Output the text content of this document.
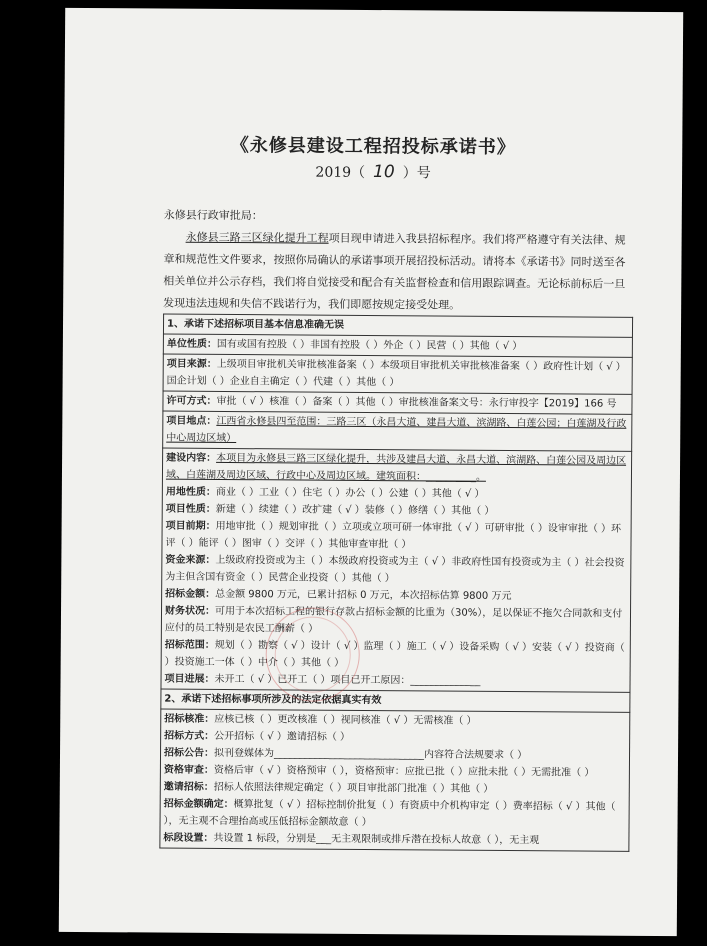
《永修县建设工程招投标承诺书》
2019（ 10 ）号
永修县行政审批局：
永修县三路三区绿化提升工程项目现申请进入我县招标程序。我们将严格遵守有关法律、规章和规范性文件要求，按照你局确认的承诺事项开展招投标活动。请将本《承诺书》同时送至各相关单位并公示存档，我们将自觉接受和配合有关监督检查和信用跟踪调查。无论标前标后一旦发现违法违规和失信不践诺行为，我们即愿按规定接受处理。
1、承诺下述招标项目基本信息准确无误
单位性质：国有或国有控股（ ）非国有控股（ ）外企（ ）民营（ ）其他（ √ ）
项目来源：上级项目审批机关审批核准备案（ ）本级项目审批机关审批核准备案（ ）政府性计划（ √ ）国企计划（ ）企业自主确定（ ）代建（ ）其他（ ）
许可方式：审批（ √ ）核准（ ）备案（ ）其他（ ）审批核准备案文号：永行审投字【2019】166 号
项目地点：江西省永修县四至范围：三路三区（永昌大道、建昌大道、滨湖路、白莲公园；白莲湖及行政中心周边区域）
建设内容：本项目为永修县三路三区绿化提升，共涉及建昌大道、永昌大道、滨湖路、白莲公园及周边区域、白莲湖及周边区域、行政中心及周边区域。建筑面积：__________。
用地性质：商业（ ）工业（ ）住宅（ ）办公（ ）公建（ ）其他（ √ ）
项目性质：新建（ ）续建（ ）改扩建（ √ ）装修（ ）修缮（ ）其他（ ）
项目前期：用地审批（ ）规划审批（ ）立项或立项可研一体审批（ √ ）可研审批（ ）设审审批（ ）环评（ ）能评（ ）图审（ ）交评（ ）其他审查审批（ ）
资金来源：上级政府投资或为主（ ）本级政府投资或为主（ √ ）非政府性国有投资或为主（ ）社会投资为主但含国有资金（ ）民营企业投资（ ）其他（ ）
招标金额：总金额 9800 万元，已累计招标 0 万元，本次招标估算 9800 万元
财务状况：可用于本次招标工程的银行存款占招标金额的比重为（30%），足以保证不拖欠合同款和支付应付的员工特别是农民工酬薪（ ）
招标范围：规划（ ）勘察（ √ ）设计（ √ ）监理（ ）施工（ √ ）设备采购（ √ ）安装（ √ ）投资商（ ）投资施工一体（ ）中介（ ）其他（ ）
项目进展：未开工（ √ ）已开工（ ）项目已开工原因：______________
2、承诺下述招标事项所涉及的法定依据真实有效
招标核准：应核已核（ ）更改核准（ ）视同核准（ √ ）无需核准（ ）
招标方式：公开招标（ √ ）邀请招标（ ）
招标公告：拟刊登媒体为______________________________内容符合法规要求（ ）
资格审查：资格后审（ √ ）资格预审（ ），资格预审：应批已批（ ）应批未批（ ）无需批准（ ）
邀请招标：招标人依照法律规定确定（ ）项目审批部门批准（ ）其他（ ）
招标金额确定：概算批复（ √ ）招标控制价批复（ ）有资质中介机构审定（ ）费率招标（ √ ）其他（ ），无主观不合理抬高或压低招标金额故意（ ）
标段设置：共设置 1 标段，分别是___无主观限制或排斥潜在投标人故意（ ），无主观
